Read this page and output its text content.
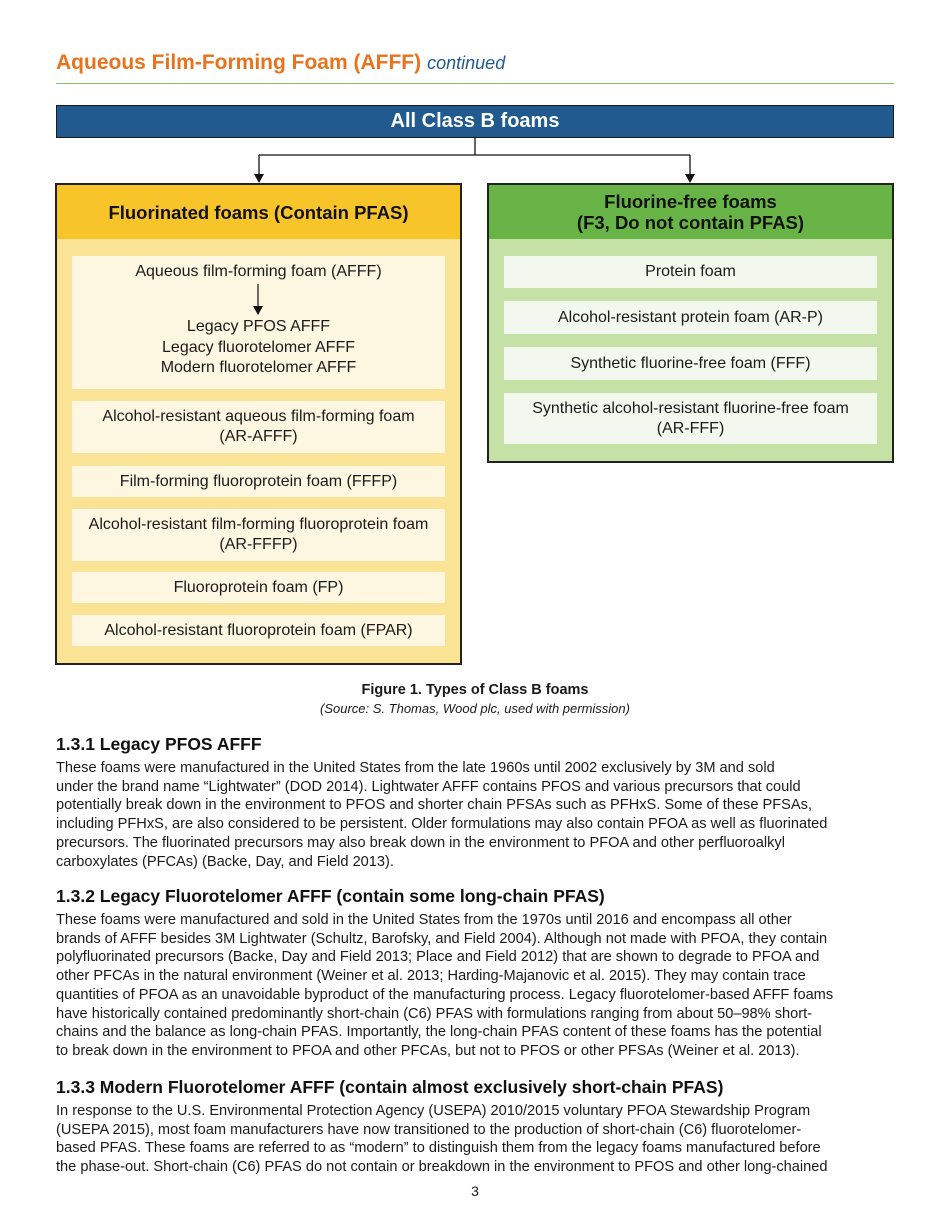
Aqueous Film-Forming Foam (AFFF) continued
All Class B foams
Fluorinated foams (Contain PFAS)
Aqueous film-forming foam (AFFF)
Legacy PFOS AFFF
Legacy fluorotelomer AFFF
Modern fluorotelomer AFFF
Alcohol-resistant aqueous film-forming foam
(AR-AFFF)
Film-forming fluoroprotein foam (FFFP)
Alcohol-resistant film-forming fluoroprotein foam
(AR-FFFP)
Fluoroprotein foam (FP)
Alcohol-resistant fluoroprotein foam (FPAR)
Fluorine-free foams
(F3, Do not contain PFAS)
Protein foam
Alcohol-resistant protein foam (AR-P)
Synthetic fluorine-free foam (FFF)
Synthetic alcohol-resistant fluorine-free foam
(AR-FFF)
Figure 1. Types of Class B foams
(Source: S. Thomas, Wood plc, used with permission)
1.3.1 Legacy PFOS AFFF

These foams were manufactured in the United States from the late 1960s until 2002 exclusively by 3M and sold
under the brand name “Lightwater” (DOD 2014). Lightwater AFFF contains PFOS and various precursors that could
potentially break down in the environment to PFOS and shorter chain PFSAs such as PFHxS. Some of these PFSAs,
including PFHxS, are also considered to be persistent. Older formulations may also contain PFOA as well as fluorinated
precursors. The fluorinated precursors may also break down in the environment to PFOA and other perfluoroalkyl
carboxylates (PFCAs) (Backe, Day, and Field 2013).

1.3.2 Legacy Fluorotelomer AFFF (contain some long-chain PFAS)

These foams were manufactured and sold in the United States from the 1970s until 2016 and encompass all other
brands of AFFF besides 3M Lightwater (Schultz, Barofsky, and Field 2004). Although not made with PFOA, they contain
polyfluorinated precursors (Backe, Day and Field 2013; Place and Field 2012) that are shown to degrade to PFOA and
other PFCAs in the natural environment (Weiner et al. 2013; Harding-Majanovic et al. 2015). They may contain trace
quantities of PFOA as an unavoidable byproduct of the manufacturing process. Legacy fluorotelomer-based AFFF foams
have historically contained predominantly short-chain (C6) PFAS with formulations ranging from about 50–98% short-
chains and the balance as long-chain PFAS. Importantly, the long-chain PFAS content of these foams has the potential
to break down in the environment to PFOA and other PFCAs, but not to PFOS or other PFSAs (Weiner et al. 2013).

1.3.3 Modern Fluorotelomer AFFF (contain almost exclusively short-chain PFAS)

In response to the U.S. Environmental Protection Agency (USEPA) 2010/2015 voluntary PFOA Stewardship Program
(USEPA 2015), most foam manufacturers have now transitioned to the production of short-chain (C6) fluorotelomer-
based PFAS. These foams are referred to as “modern” to distinguish them from the legacy foams manufactured before
the phase-out. Short-chain (C6) PFAS do not contain or breakdown in the environment to PFOS and other long-chained

3
